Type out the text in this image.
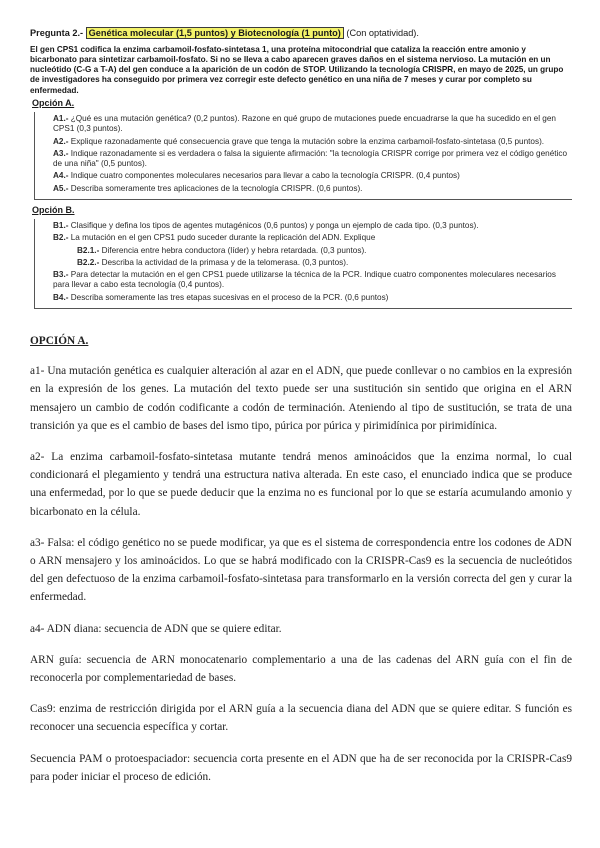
Pregunta 2.- Genética molecular (1,5 puntos) y Biotecnología (1 punto) (Con optatividad).
El gen CPS1 codifica la enzima carbamoil-fosfato-sintetasa 1, una proteína mitocondrial que cataliza la reacción entre amonio y bicarbonato para sintetizar carbamoil-fosfato. Si no se lleva a cabo aparecen graves daños en el sistema nervioso. La mutación en un nucleótido (C-G a T-A) del gen conduce a la aparición de un codón de STOP. Utilizando la tecnología CRISPR, en mayo de 2025, un grupo de investigadores ha conseguido por primera vez corregir este defecto genético en una niña de 7 meses y curar por completo su enfermedad.
Opción A.
A1.- ¿Qué es una mutación genética? (0,2 puntos). Razone en qué grupo de mutaciones puede encuadrarse la que ha sucedido en el gen CPS1 (0,3 puntos).
A2.- Explique razonadamente qué consecuencia grave que tenga la mutación sobre la enzima carbamoil-fosfato-sintetasa (0,5 puntos).
A3.- Indique razonadamente si es verdadera o falsa la siguiente afirmación: "la tecnología CRISPR corrige por primera vez el código genético de una niña" (0,5 puntos).
A4.- Indique cuatro componentes moleculares necesarios para llevar a cabo la tecnología CRISPR. (0,4 puntos)
A5.- Describa someramente tres aplicaciones de la tecnología CRISPR. (0,6 puntos).
Opción B.
B1.- Clasifique y defina los tipos de agentes mutagénicos (0,6 puntos) y ponga un ejemplo de cada tipo. (0,3 puntos).
B2.- La mutación en el gen CPS1 pudo suceder durante la replicación del ADN. Explique
B2.1.- Diferencia entre hebra conductora (líder) y hebra retardada. (0,3 puntos).
B2.2.- Describa la actividad de la primasa y de la telomerasa. (0,3 puntos).
B3.- Para detectar la mutación en el gen CPS1 puede utilizarse la técnica de la PCR. Indique cuatro componentes moleculares necesarios para llevar a cabo esta tecnología (0,4 puntos).
B4.- Describa someramente las tres etapas sucesivas en el proceso de la PCR. (0,6 puntos)
OPCIÓN A.

a1- Una mutación genética es cualquier alteración al azar en el ADN, que puede conllevar o no cambios en la expresión en la expresión de los genes. La mutación del texto puede ser una sustitución sin sentido que origina en el ARN mensajero un cambio de codón codificante a codón de terminación. Ateniendo al tipo de sustitución, se trata de una transición ya que es el cambio de bases del ismo tipo, púrica por púrica y pirimidínica por pirimidínica.

a2- La enzima carbamoil-fosfato-sintetasa mutante tendrá menos aminoácidos que la enzima normal, lo cual condicionará el plegamiento y tendrá una estructura nativa alterada. En este caso, el enunciado indica que se produce una enfermedad, por lo que se puede deducir que la enzima no es funcional por lo que se estaría acumulando amonio y bicarbonato en la célula.

a3- Falsa: el código genético no se puede modificar, ya que es el sistema de correspondencia entre los codones de ADN o ARN mensajero y los aminoácidos. Lo que se habrá modificado con la CRISPR-Cas9 es la secuencia de nucleótidos del gen defectuoso de la enzima carbamoil-fosfato-sintetasa para transformarlo en la versión correcta del gen y curar la enfermedad.

a4- ADN diana: secuencia de ADN que se quiere editar.

ARN guía: secuencia de ARN monocatenario complementario a una de las cadenas del ARN guía con el fin de reconocerla por complementariedad de bases.

Cas9: enzima de restricción dirigida por el ARN guía a la secuencia diana del ADN que se quiere editar. S función es reconocer una secuencia específica y cortar.

Secuencia PAM o protoespaciador: secuencia corta presente en el ADN que ha de ser reconocida por la CRISPR-Cas9 para poder iniciar el proceso de edición.
